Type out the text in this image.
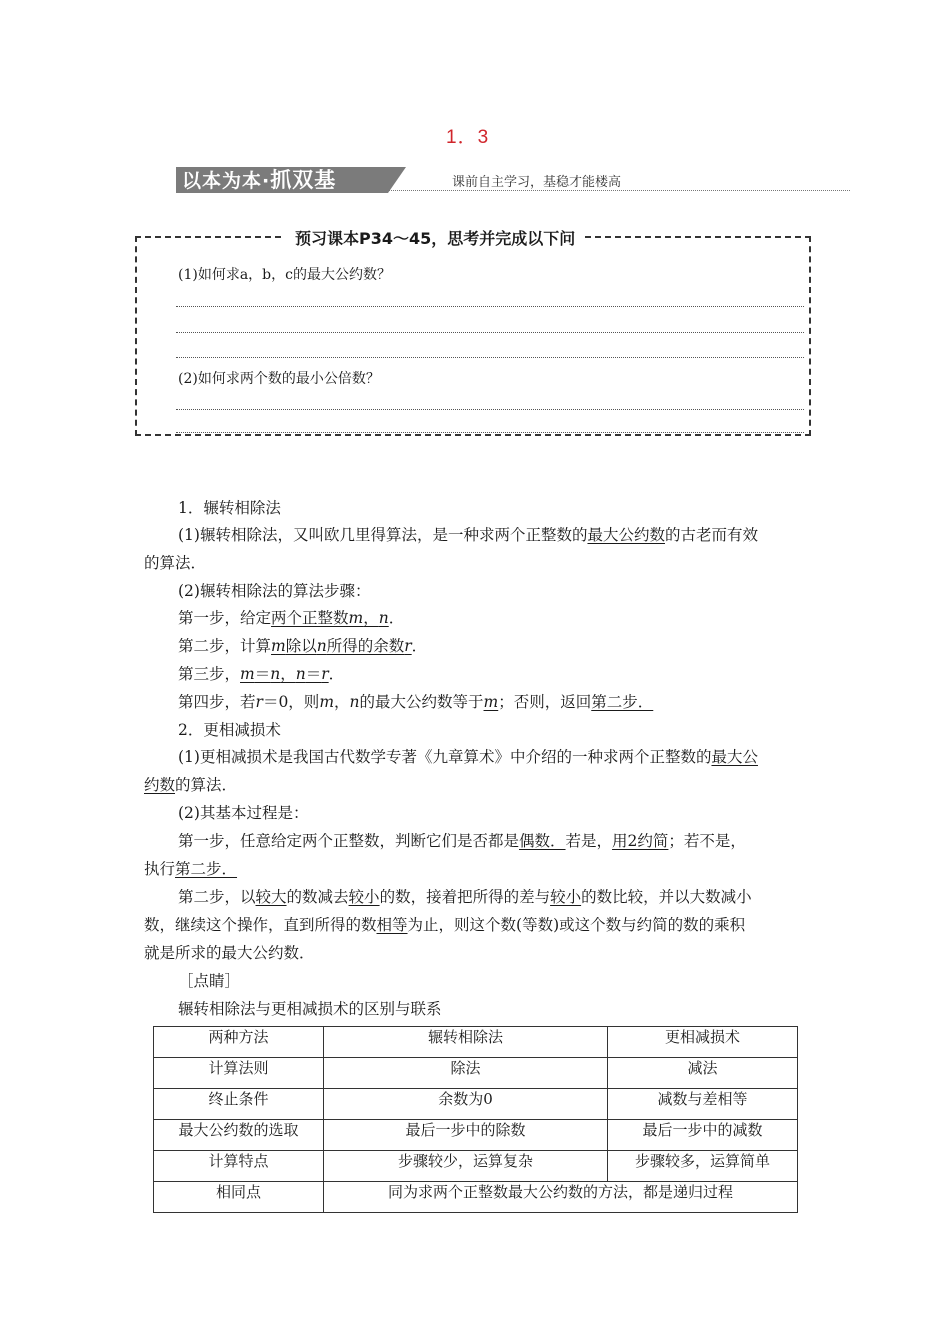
1．3
以本为本·抓双基	课前自主学习，基稳才能楼高
预习课本P34～45，思考并完成以下问
(1)如何求a，b，c的最大公约数？
(2)如何求两个数的最小公倍数？
1．辗转相除法
(1)辗转相除法，又叫欧几里得算法，是一种求两个正整数的最大公约数的古老而有效
的算法．
(2)辗转相除法的算法步骤：
第一步，给定两个正整数m，n．
第二步，计算m除以n所得的余数r．
第三步，m＝n，n＝r．
第四步，若r＝0，则m，n的最大公约数等于m；否则，返回第二步．
2．更相减损术
(1)更相减损术是我国古代数学专著《九章算术》中介绍的一种求两个正整数的最大公
约数的算法．
(2)其基本过程是：
第一步，任意给定两个正整数，判断它们是否都是偶数．若是，用2约简；若不是，
执行第二步．
第二步，以较大的数减去较小的数，接着把所得的差与较小的数比较，并以大数减小
数，继续这个操作，直到所得的数相等为止，则这个数(等数)或这个数与约简的数的乘积
就是所求的最大公约数．
［点睛］
辗转相除法与更相减损术的区别与联系
两种方法	辗转相除法	更相减损术
计算法则	除法	减法
终止条件	余数为0	减数与差相等
最大公约数的选取	最后一步中的除数	最后一步中的减数
计算特点	步骤较少，运算复杂	步骤较多，运算简单
相同点	同为求两个正整数最大公约数的方法，都是递归过程	
